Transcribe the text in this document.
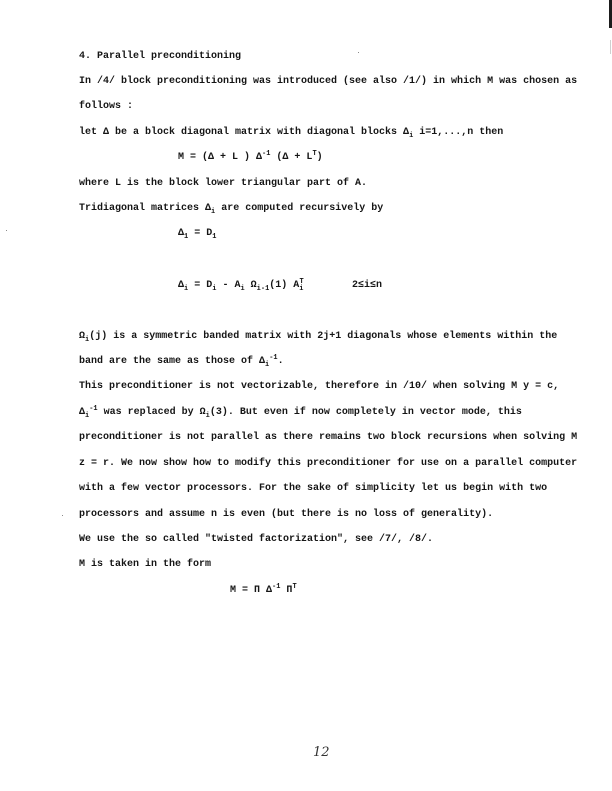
4. Parallel preconditioning
In /4/ block preconditioning was introduced (see also /1/) in which M was chosen as
follows :
let Δ be a block diagonal matrix with diagonal blocks $\Delta_i$ i=1,...,n then
M = (Δ + L ) $\Delta^{-1}$ $(\Delta + L^T)$
where L is the block lower triangular part of A.
Tridiagonal matrices $\Delta_i$ are computed recursively by
$\Delta_1 = D_1$
$\Delta_i = D_i - A_i$ $\Omega_{i-1}(1)$ $A_i^T$	2≤i≤n
$\Omega_i(j)$ is a symmetric banded matrix with 2j+1 diagonals whose elements within the
band are the same as those of $\Delta_i^{-1}$.
This preconditioner is not vectorizable, therefore in /10/ when solving M y = c,
$\Delta_i^{-1}$ was replaced by $\Omega_i(3)$. But even if now completely in vector mode, this
preconditioner is not parallel as there remains two block recursions when solving M
z = r. We now show how to modify this preconditioner for use on a parallel computer
with a few vector processors. For the sake of simplicity let us begin with two
processors and assume n is even (but there is no loss of generality).
We use the so called "twisted factorization", see /7/, /8/.
M is taken in the form
M = Π $\Delta^{-1}$ $\Pi^T$
12
